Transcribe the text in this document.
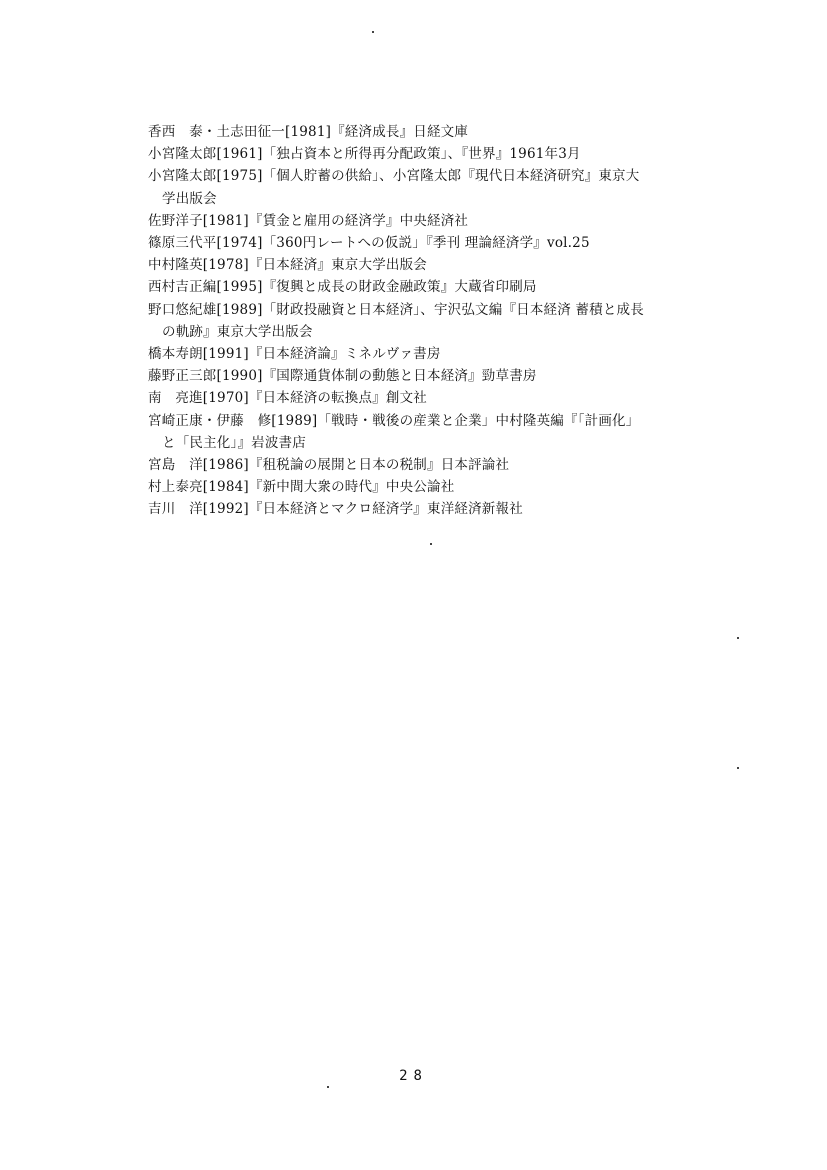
香西　泰・土志田征一[1981]『経済成長』日経文庫
小宮隆太郎[1961]「独占資本と所得再分配政策」、『世界』1961年3月
小宮隆太郎[1975]「個人貯蓄の供給」、小宮隆太郎『現代日本経済研究』東京大
学出版会
佐野洋子[1981]『賃金と雇用の経済学』中央経済社
篠原三代平[1974]「360円レートへの仮説」『季刊 理論経済学』vol.25
中村隆英[1978]『日本経済』東京大学出版会
西村吉正編[1995]『復興と成長の財政金融政策』大蔵省印刷局
野口悠紀雄[1989]「財政投融資と日本経済」、宇沢弘文編『日本経済 蓄積と成長
の軌跡』東京大学出版会
橋本寿朗[1991]『日本経済論』ミネルヴァ書房
藤野正三郎[1990]『国際通貨体制の動態と日本経済』勁草書房
南　亮進[1970]『日本経済の転換点』創文社
宮崎正康・伊藤　修[1989]「戦時・戦後の産業と企業」中村隆英編『「計画化」
と「民主化」』岩波書店
宮島　洋[1986]『租税論の展開と日本の税制』日本評論社
村上泰亮[1984]『新中間大衆の時代』中央公論社
吉川　洋[1992]『日本経済とマクロ経済学』東洋経済新報社
28
